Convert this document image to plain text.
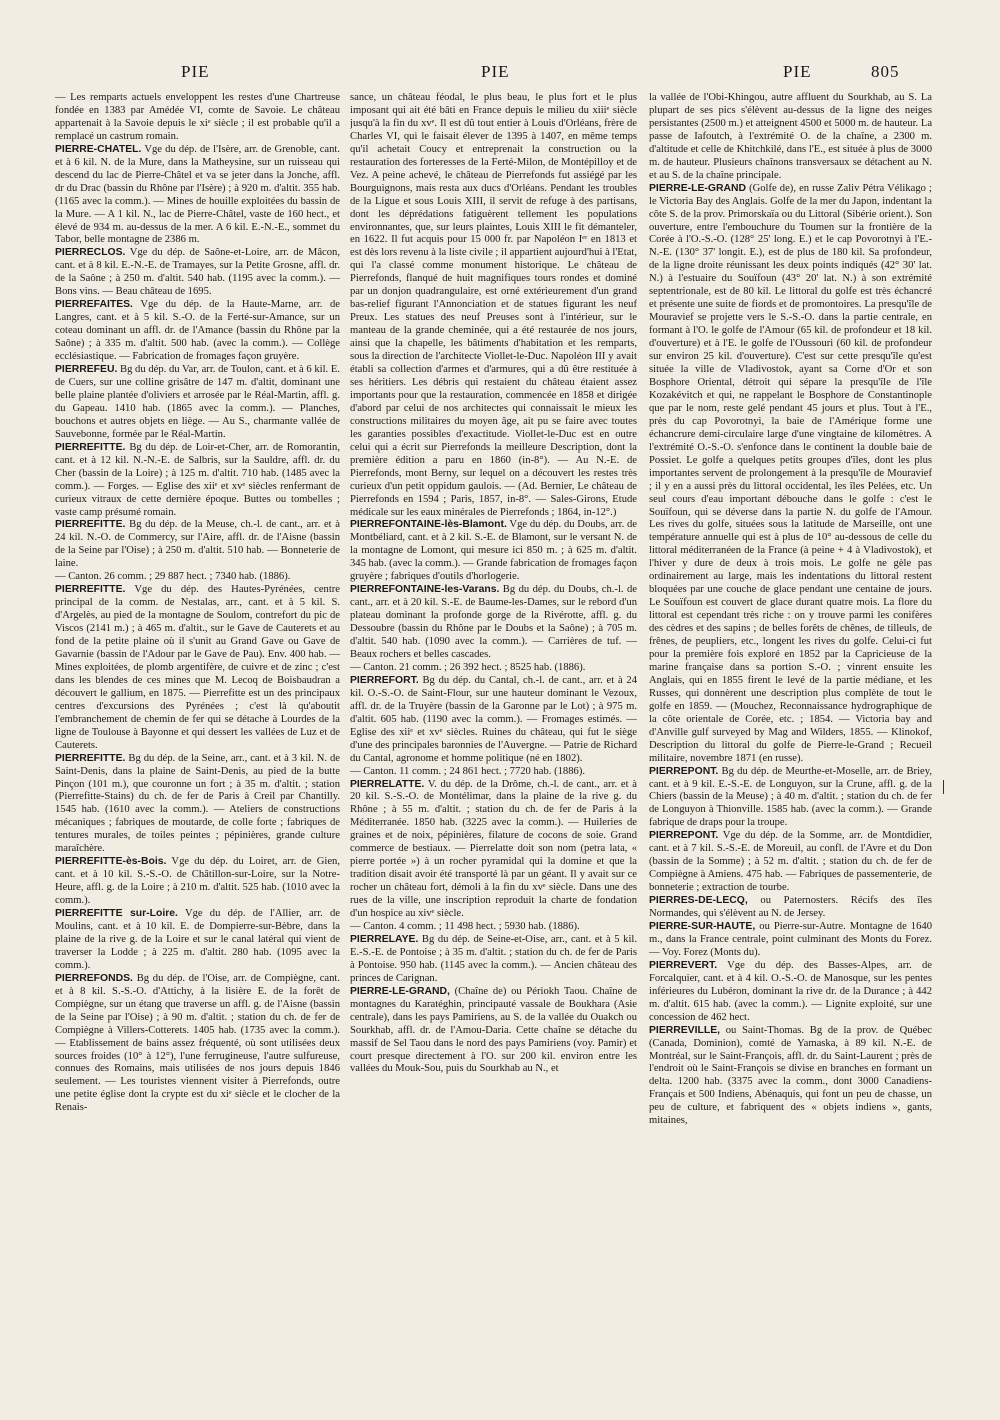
PIE	PIE	PIE	805

— Les remparts actuels enveloppent les restes d'une Chartreuse fondée en 1383 par Amédée VI, comte de Savoie. Le château appartenait à la Savoie depuis le xiᵉ siècle ; il est probable qu'il a remplacé un castrum romain.

PIERRE-CHATEL. Vge du dép. de l'Isère, arr. de Grenoble, cant. et à 6 kil. N. de la Mure, dans la Matheysine, sur un ruisseau qui descend du lac de Pierre-Châtel et va se jeter dans la Jonche, affl. dr du Drac (bassin du Rhône par l'Isère) ; à 920 m. d'altit. 355 hab. (1165 avec la comm.). — Mines de houille exploitées du bassin de la Mure. — A 1 kil. N., lac de Pierre-Châtel, vaste de 160 hect., et élevé de 934 m. au-dessus de la mer. A 6 kil. E.-N.-E., sommet du Tabor, belle montagne de 2386 m.

PIERRECLOS. Vge du dép. de Saône-et-Loire, arr. de Mâcon, cant. et à 8 kil. E.-N.-E. de Tramayes, sur la Petite Grosne, affl. dr. de la Saône ; à 250 m. d'altit. 540 hab. (1195 avec la comm.). — Bons vins. — Beau château de 1695.

PIERREFAITES. Vge du dép. de la Haute-Marne, arr. de Langres, cant. et à 5 kil. S.-O. de la Ferté-sur-Amance, sur un coteau dominant un affl. dr. de l'Amance (bassin du Rhône par la Saône) ; à 335 m. d'altit. 500 hab. (avec la comm.). — Collège ecclésiastique. — Fabrication de fromages façon gruyère.

PIERREFEU. Bg du dép. du Var, arr. de Toulon, cant. et à 6 kil. E. de Cuers, sur une colline grisâtre de 147 m. d'altit, dominant une belle plaine plantée d'oliviers et arrosée par le Réal-Martin, affl. g. du Gapeau. 1410 hab. (1865 avec la comm.). — Planches, bouchons et autres objets en liège. — Au S., charmante vallée de Sauvebonne, formée par le Réal-Martin.

PIERREFITTE. Bg du dép. de Loir-et-Cher, arr. de Romorantin, cant. et à 12 kil. N.-N.-E. de Salbris, sur la Sauldre, affl. dr. du Cher (bassin de la Loire) ; à 125 m. d'altit. 710 hab. (1485 avec la comm.). — Forges. — Eglise des xiiᵉ et xvᵉ siècles renfermant de curieux vitraux de cette dernière époque. Buttes ou tombelles ; vaste camp présumé romain.

PIERREFITTE. Bg du dép. de la Meuse, ch.-l. de cant., arr. et à 24 kil. N.-O. de Commercy, sur l'Aire, affl. dr. de l'Aisne (bassin de la Seine par l'Oise) ; à 250 m. d'altit. 510 hab. — Bonneterie de laine.

— Canton. 26 comm. ; 29 887 hect. ; 7340 hab. (1886).

PIERREFITTE. Vge du dép. des Hautes-Pyrénées, centre principal de la comm. de Nestalas, arr., cant. et à 5 kil. S. d'Argelès, au pied de la montagne de Soulom, contrefort du pic de Viscos (2141 m.) ; à 465 m. d'altit., sur le Gave de Cauterets et au fond de la petite plaine où il s'unit au Grand Gave ou Gave de Gavarnie (bassin de l'Adour par le Gave de Pau). Env. 400 hab. — Mines exploitées, de plomb argentifère, de cuivre et de zinc ; c'est dans les blendes de ces mines que M. Lecoq de Boisbaudran a découvert le gallium, en 1875. — Pierrefitte est un des principaux centres d'excursions des Pyrénées ; c'est là qu'aboutit l'embranchement de chemin de fer qui se détache à Lourdes de la ligne de Toulouse à Bayonne et qui dessert les vallées de Luz et de Cauterets.

PIERREFITTE. Bg du dép. de la Seine, arr., cant. et à 3 kil. N. de Saint-Denis, dans la plaine de Saint-Denis, au pied de la butte Pinçon (101 m.), que couronne un fort ; à 35 m. d'altit. ; station (Pierrefitte-Stains) du ch. de fer de Paris à Creil par Chantilly. 1545 hab. (1610 avec la comm.). — Ateliers de constructions mécaniques ; fabriques de moutarde, de colle forte ; fabriques de tentures murales, de toiles peintes ; pépinières, grande culture maraîchère.

PIERREFITTE-ès-Bois. Vge du dép. du Loiret, arr. de Gien, cant. et à 10 kil. S.-S.-O. de Châtillon-sur-Loire, sur la Notre-Heure, affl. g. de la Loire ; à 210 m. d'altit. 525 hab. (1010 avec la comm.).

PIERREFITTE sur-Loire. Vge du dép. de l'Allier, arr. de Moulins, cant. et à 10 kil. E. de Dompierre-sur-Bèbre, dans la plaine de la rive g. de la Loire et sur le canal latéral qui vient de traverser la Lodde ; à 225 m. d'altit. 280 hab. (1095 avec la comm.).

PIERREFONDS. Bg du dép. de l'Oise, arr. de Compiègne, cant. et à 8 kil. S.-S.-O. d'Attichy, à la lisière E. de la forêt de Compiègne, sur un étang que traverse un affl. g. de l'Aisne (bassin de la Seine par l'Oise) ; à 90 m. d'altit. ; station du ch. de fer de Compiègne à Villers-Cotterets. 1405 hab. (1735 avec la comm.). — Etablissement de bains assez fréquenté, où sont utilisées deux sources froides (10° à 12°), l'une ferrugineuse, l'autre sulfureuse, connues des Romains, mais utilisées de nos jours depuis 1846 seulement. — Les touristes viennent visiter à Pierrefonds, outre une petite église dont la crypte est du xiᵉ siècle et le clocher de la Renais-

sance, un château féodal, le plus beau, le plus fort et le plus imposant qui ait été bâti en France depuis le milieu du xiiiᵉ siècle jusqu'à la fin du xvᵉ. Il est dû tout entier à Louis d'Orléans, frère de Charles VI, qui le faisait élever de 1395 à 1407, en même temps qu'il achetait Coucy et entreprenait la construction ou la restauration des forteresses de la Ferté-Milon, de Montépilloy et de Vez. A peine achevé, le château de Pierrefonds fut assiégé par les Bourguignons, mais resta aux ducs d'Orléans. Pendant les troubles de la Ligue et sous Louis XIII, il servit de refuge à des partisans, dont les déprédations fatiguèrent tellement les populations environnantes, que, sur leurs plaintes, Louis XIII le fit démanteler, en 1622. Il fut acquis pour 15 000 fr. par Napoléon Iᵉʳ en 1813 et est dès lors revenu à la liste civile ; il appartient aujourd'hui à l'Etat, qui l'a classé comme monument historique. Le château de Pierrefonds, flanqué de huit magnifiques tours rondes et dominé par un donjon quadrangulaire, est orné extérieurement d'un grand bas-relief figurant l'Annonciation et de statues figurant les neuf Preux. Les statues des neuf Preuses sont à l'intérieur, sur le manteau de la grande cheminée, qui a été restaurée de nos jours, ainsi que la chapelle, les bâtiments d'habitation et les remparts, sous la direction de l'architecte Viollet-le-Duc. Napoléon III y avait établi sa collection d'armes et d'armures, qui a dû être restituée à ses héritiers. Les débris qui restaient du château étaient assez importants pour que la restauration, commencée en 1858 et dirigée d'abord par celui de nos architectes qui connaissait le mieux les constructions militaires du moyen âge, ait pu se faire avec toutes les garanties possibles d'exactitude. Viollet-le-Duc est en outre celui qui a écrit sur Pierrefonds la meilleure Description, dont la première édition a paru en 1860 (in-8°). — Au N.-E. de Pierrefonds, mont Berny, sur lequel on a découvert les restes très curieux d'un petit oppidum gaulois. — (Ad. Bernier, Le château de Pierrefonds en 1594 ; Paris, 1857, in-8°. — Sales-Girons, Etude médicale sur les eaux minérales de Pierrefonds ; 1864, in-12°.)

PIERREFONTAINE-lès-Blamont. Vge du dép. du Doubs, arr. de Montbéliard, cant. et à 2 kil. S.-E. de Blamont, sur le versant N. de la montagne de Lomont, qui mesure ici 850 m. ; à 625 m. d'altit. 345 hab. (avec la comm.). — Grande fabrication de fromages façon gruyère ; fabriques d'outils d'horlogerie.

PIERREFONTAINE-les-Varans. Bg du dép. du Doubs, ch.-l. de cant., arr. et à 20 kil. S.-E. de Baume-les-Dames, sur le rebord d'un plateau dominant la profonde gorge de la Rivérotte, affl. g. du Dessoubre (bassin du Rhône par le Doubs et la Saône) ; à 705 m. d'altit. 540 hab. (1090 avec la comm.). — Carrières de tuf. — Beaux rochers et belles cascades.

— Canton. 21 comm. ; 26 392 hect. ; 8525 hab. (1886).

PIERREFORT. Bg du dép. du Cantal, ch.-l. de cant., arr. et à 24 kil. O.-S.-O. de Saint-Flour, sur une hauteur dominant le Vezoux, affl. dr. de la Truyère (bassin de la Garonne par le Lot) ; à 975 m. d'altit. 605 hab. (1190 avec la comm.). — Fromages estimés. — Eglise des xiiᵉ et xvᵉ siècles. Ruines du château, qui fut le siège d'une des principales baronnies de l'Auvergne. — Patrie de Richard du Cantal, agronome et homme politique (né en 1802).

— Canton. 11 comm. ; 24 861 hect. ; 7720 hab. (1886).

PIERRELATTE. V. du dép. de la Drôme, ch.-l. de cant., arr. et à 20 kil. S.-S.-O. de Montélimar, dans la plaine de la rive g. du Rhône ; à 55 m. d'altit. ; station du ch. de fer de Paris à la Méditerranée. 1850 hab. (3225 avec la comm.). — Huileries de graines et de noix, pépinières, filature de cocons de soie. Grand commerce de bestiaux. — Pierrelatte doit son nom (petra lata, « pierre portée ») à un rocher pyramidal qui la domine et que la tradition disait avoir été transporté là par un géant. Il y avait sur ce rocher un château fort, démoli à la fin du xvᵉ siècle. Dans une des rues de la ville, une inscription reproduit la charte de fondation d'un hospice au xivᵉ siècle.

— Canton. 4 comm. ; 11 498 hect. ; 5930 hab. (1886).

PIERRELAYE. Bg du dép. de Seine-et-Oise, arr., cant. et à 5 kil. E.-S.-E. de Pontoise ; à 35 m. d'altit. ; station du ch. de fer de Paris à Pontoise. 950 hab. (1145 avec la comm.). — Ancien château des princes de Carignan.

PIERRE-LE-GRAND, (Chaîne de) ou Périokh Taou. Chaîne de montagnes du Karatéghin, principauté vassale de Boukhara (Asie centrale), dans les pays Pamiriens, au S. de la vallée du Ouakch ou Sourkhab, affl. dr. de l'Amou-Daria. Cette chaîne se détache du massif de Sel Taou dans le nord des pays Pamiriens (voy. Pamir) et court presque directement à l'O. sur 200 kil. environ entre les vallées du Mouk-Sou, puis du Sourkhab au N., et

la vallée de l'Obi-Khingou, autre affluent du Sourkhab, au S. La plupart de ses pics s'élèvent au-dessus de la ligne des neiges persistantes (2500 m.) et atteignent 4500 et 5000 m. de hauteur. La passe de Iafoutch, à l'extrémité O. de la chaîne, a 2300 m. d'altitude et celle de Khitchkilé, dans l'E., est située à plus de 3000 m. de hauteur. Plusieurs chaînons transversaux se détachent au N. et au S. de la chaîne principale.

PIERRE-LE-GRAND (Golfe de), en russe Zaliv Pétra Vélikago ; le Victoria Bay des Anglais. Golfe de la mer du Japon, indentant la côte S. de la prov. Primorskaïa ou du Littoral (Sibérie orient.). Son ouverture, entre l'embouchure du Toumen sur la frontière de la Corée à l'O.-S.-O. (128° 25' long. E.) et le cap Povorotnyi à l'E.-N.-E. (130° 37' longit. E.), est de plus de 180 kil. Sa profondeur, de la ligne droite réunissant les deux points indiqués (42° 30' lat. N.) à l'estuaire du Souïfoun (43° 20' lat. N.) à son extrémité septentrionale, est de 80 kil. Le littoral du golfe est très échancré et présente une suite de fiords et de promontoires. La presqu'île de Mouravief se projette vers le S.-S.-O. dans la partie centrale, en formant à l'O. le golfe de l'Amour (65 kil. de profondeur et 18 kil. d'ouverture) et à l'E. le golfe de l'Oussouri (60 kil. de profondeur sur environ 25 kil. d'ouverture). C'est sur cette presqu'île qu'est située la ville de Vladivostok, ayant sa Corne d'Or et son Bosphore Oriental, détroit qui sépare la presqu'île de l'île Kozakévitch et qui, ne rappelant le Bosphore de Constantinople que par le nom, reste gelé pendant 45 jours et plus. Tout à l'E., près du cap Povorotnyi, la baie de l'Amérique forme une échancrure demi-circulaire large d'une vingtaine de kilomètres. A l'extrémité O.-S.-O. s'enfonce dans le continent la double baie de Possiet. Le golfe a quelques petits groupes d'îles, dont les plus importantes servent de prolongement à la presqu'île de Mouravief ; il y en a aussi près du littoral occidental, les îles Pelées, etc. Un seul cours d'eau important débouche dans le golfe : c'est le Souïfoun, qui se déverse dans la partie N. du golfe de l'Amour. Les rives du golfe, situées sous la latitude de Marseille, ont une température annuelle qui est à plus de 10° au-dessous de celle du littoral méditerranéen de la France (à peine + 4 à Vladivostok), et l'hiver y dure de deux à trois mois. Le golfe ne gèle pas ordinairement au large, mais les indentations du littoral restent bloquées par une couche de glace pendant une centaine de jours. Le Souïfoun est couvert de glace durant quatre mois. La flore du littoral est cependant très riche : on y trouve parmi les conifères des cèdres et des sapins ; de belles forêts de chênes, de tilleuls, de frênes, de peupliers, etc., longent les rives du golfe. Celui-ci fut pour la première fois exploré en 1852 par la Capricieuse de la marine française dans sa portion S.-O. ; vinrent ensuite les Anglais, qui en 1855 firent le levé de la partie médiane, et les Russes, qui donnèrent une description plus complète de tout le golfe en 1859. — (Mouchez, Reconnaissance hydrographique de la côte orientale de Corée, etc. ; 1854. — Victoria bay and d'Anville gulf surveyed by Mag and Wilders, 1855. — Klinokof, Description du littoral du golfe de Pierre-le-Grand ; Recueil militaire, novembre 1871 (en russe).

PIERREPONT. Bg du dép. de Meurthe-et-Moselle, arr. de Briey, cant. et à 9 kil. E.-S.-E. de Longuyon, sur la Crune, affl. g. de la Chiers (bassin de la Meuse) ; à 40 m. d'altit. ; station du ch. de fer de Longuyon à Thionville. 1585 hab. (avec la comm.). — Grande fabrique de draps pour la troupe.

PIERREPONT. Vge du dép. de la Somme, arr. de Montdidier, cant. et à 7 kil. S.-S.-E. de Moreuil, au confl. de l'Avre et du Don (bassin de la Somme) ; à 52 m. d'altit. ; station du ch. de fer de Compiègne à Amiens. 475 hab. — Fabriques de passementerie, de bonneterie ; extraction de tourbe.

PIERRES-DE-LECQ, ou Paternosters. Récifs des îles Normandes, qui s'élèvent au N. de Jersey.

PIERRE-SUR-HAUTE, ou Pierre-sur-Autre. Montagne de 1640 m., dans la France centrale, point culminant des Monts du Forez. — Voy. Forez (Monts du).

PIERREVERT. Vge du dép. des Basses-Alpes, arr. de Forcalquier, cant. et à 4 kil. O.-S.-O. de Manosque, sur les pentes inférieures du Lubéron, dominant la rive dr. de la Durance ; à 442 m. d'altit. 615 hab. (avec la comm.). — Lignite exploité, sur une concession de 462 hect.

PIERREVILLE, ou Saint-Thomas. Bg de la prov. de Québec (Canada, Dominion), comté de Yamaska, à 89 kil. N.-E. de Montréal, sur le Saint-François, affl. dr. du Saint-Laurent ; près de l'endroit où le Saint-François se divise en branches en formant un delta. 1200 hab. (3375 avec la comm., dont 3000 Canadiens-Français et 500 Indiens, Abénaquis, qui font un peu de chasse, un peu de culture, et fabriquent des « objets indiens », gants, mitaines,
